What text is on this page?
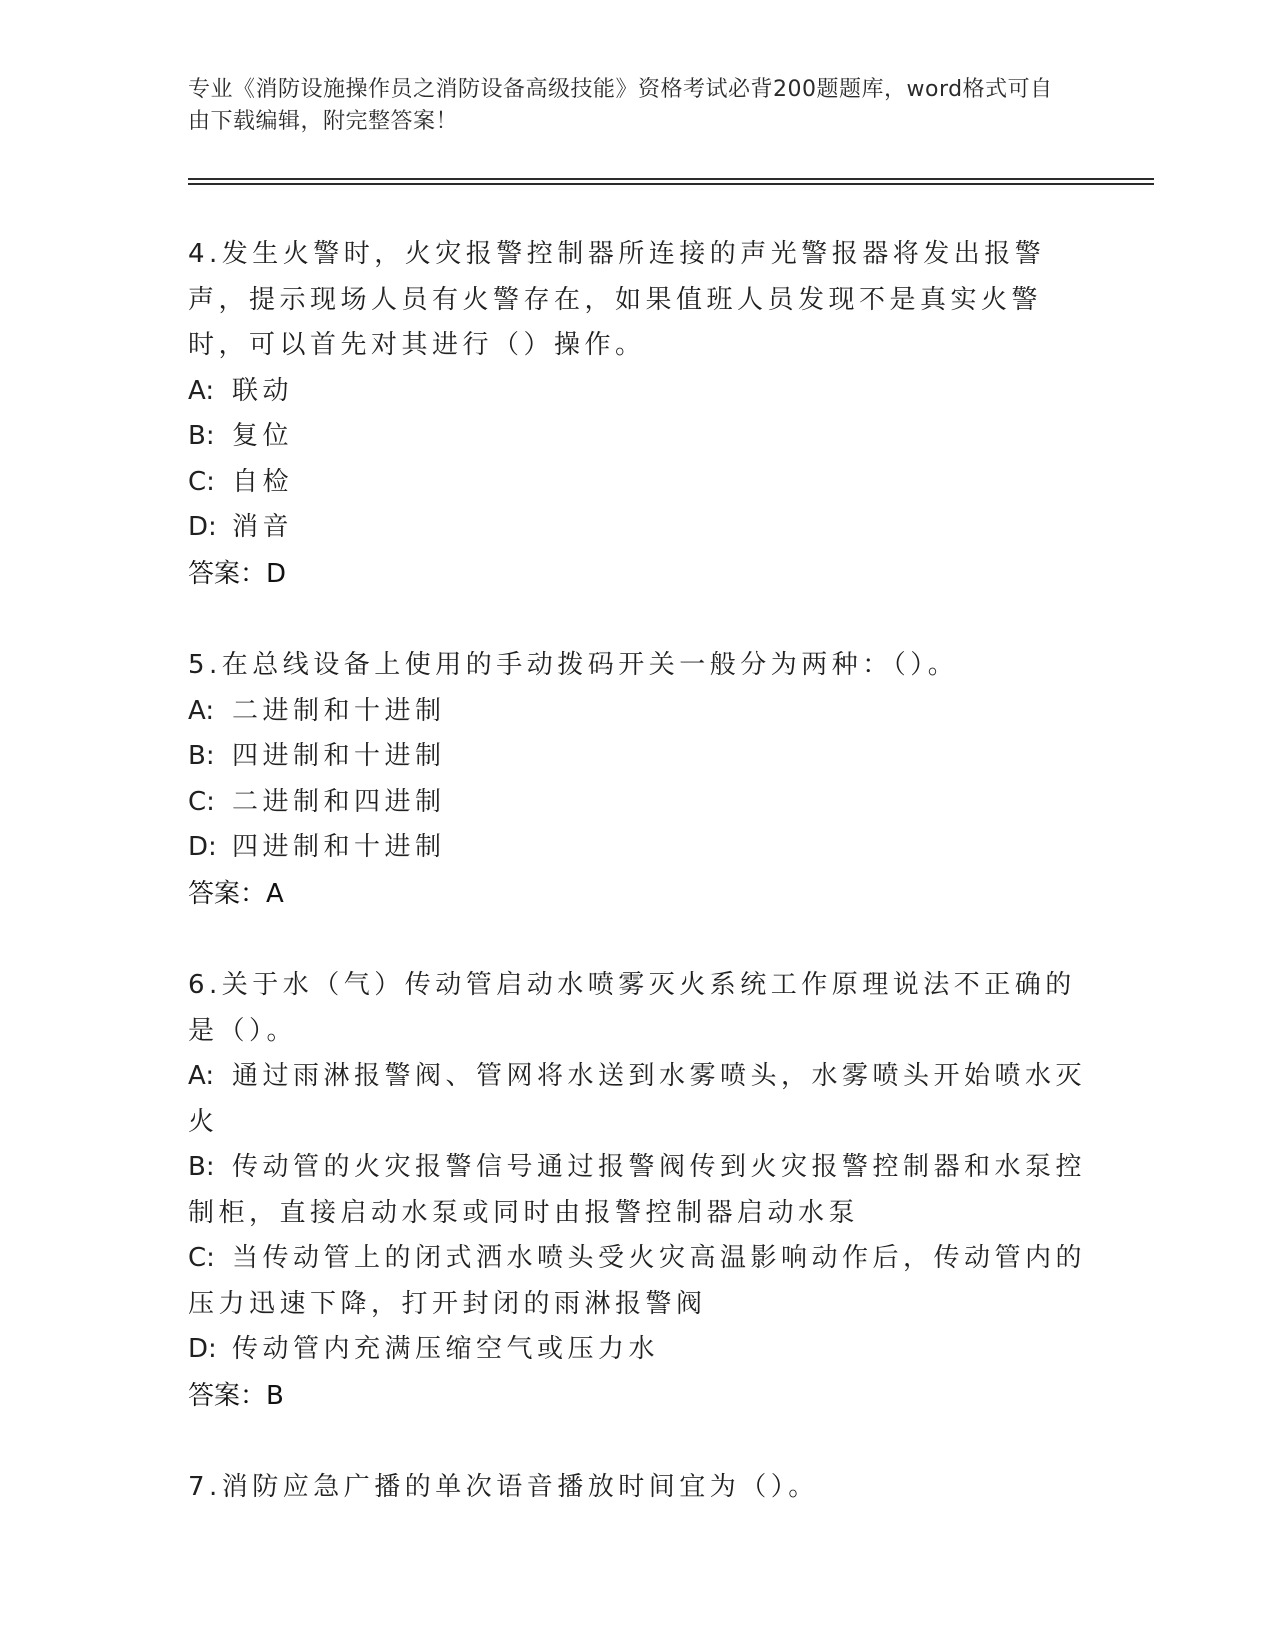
专业《消防设施操作员之消防设备高级技能》资格考试必背200题题库，word格式可自由下载编辑，附完整答案！
4.发生火警时，火灾报警控制器所连接的声光警报器将发出报警声，提示现场人员有火警存在，如果值班人员发现不是真实火警时，可以首先对其进行（）操作。
A: 联动
B: 复位
C: 自检
D: 消音
答案：D
5.在总线设备上使用的手动拨码开关一般分为两种：（）。
A: 二进制和十进制
B: 四进制和十进制
C: 二进制和四进制
D: 四进制和十进制
答案：A
6.关于水（气）传动管启动水喷雾灭火系统工作原理说法不正确的是（）。
A: 通过雨淋报警阀、管网将水送到水雾喷头，水雾喷头开始喷水灭火
B: 传动管的火灾报警信号通过报警阀传到火灾报警控制器和水泵控制柜，直接启动水泵或同时由报警控制器启动水泵
C: 当传动管上的闭式洒水喷头受火灾高温影响动作后，传动管内的压力迅速下降，打开封闭的雨淋报警阀
D: 传动管内充满压缩空气或压力水
答案：B
7.消防应急广播的单次语音播放时间宜为（）。
